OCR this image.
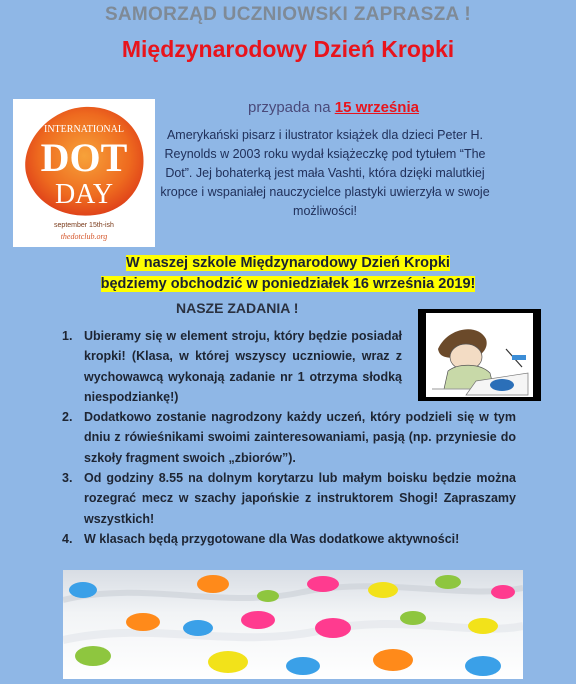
SAMORZĄD UCZNIOWSKI ZAPRASZA !
Międzynarodowy Dzień Kropki
INTERNATIONAL
DOT
DAY
september 15th-ish
thedotclub.org
przypada na 15 września
Amerykański pisarz i ilustrator książek dla dzieci Peter H. Reynolds w 2003 roku wydał książeczkę pod tytułem “The Dot”. Jej bohaterką jest mała Vashti, która dzięki malutkiej kropce i wspaniałej nauczycielce plastyki uwierzyła w swoje możliwości!
W naszej szkole Międzynarodowy Dzień Kropki
będziemy obchodzić w poniedziałek 16 września 2019!
NASZE ZADANIA !
1. Ubieramy się w element stroju, który będzie posiadał kropki! (Klasa, w której wszyscy uczniowie, wraz z wychowawcą wykonają zadanie nr 1 otrzyma słodką niespodziankę!)
2. Dodatkowo zostanie nagrodzony każdy uczeń, który podzieli się w tym dniu z rówieśnikami swoimi zainteresowaniami, pasją (np. przyniesie do szkoły fragment swoich „zbiorów”).
3. Od godziny 8.55 na dolnym korytarzu lub małym boisku będzie można rozegrać mecz w szachy japońskie z instruktorem Shogi! Zapraszamy wszystkich!
4. W klasach będą przygotowane dla Was dodatkowe aktywności!
